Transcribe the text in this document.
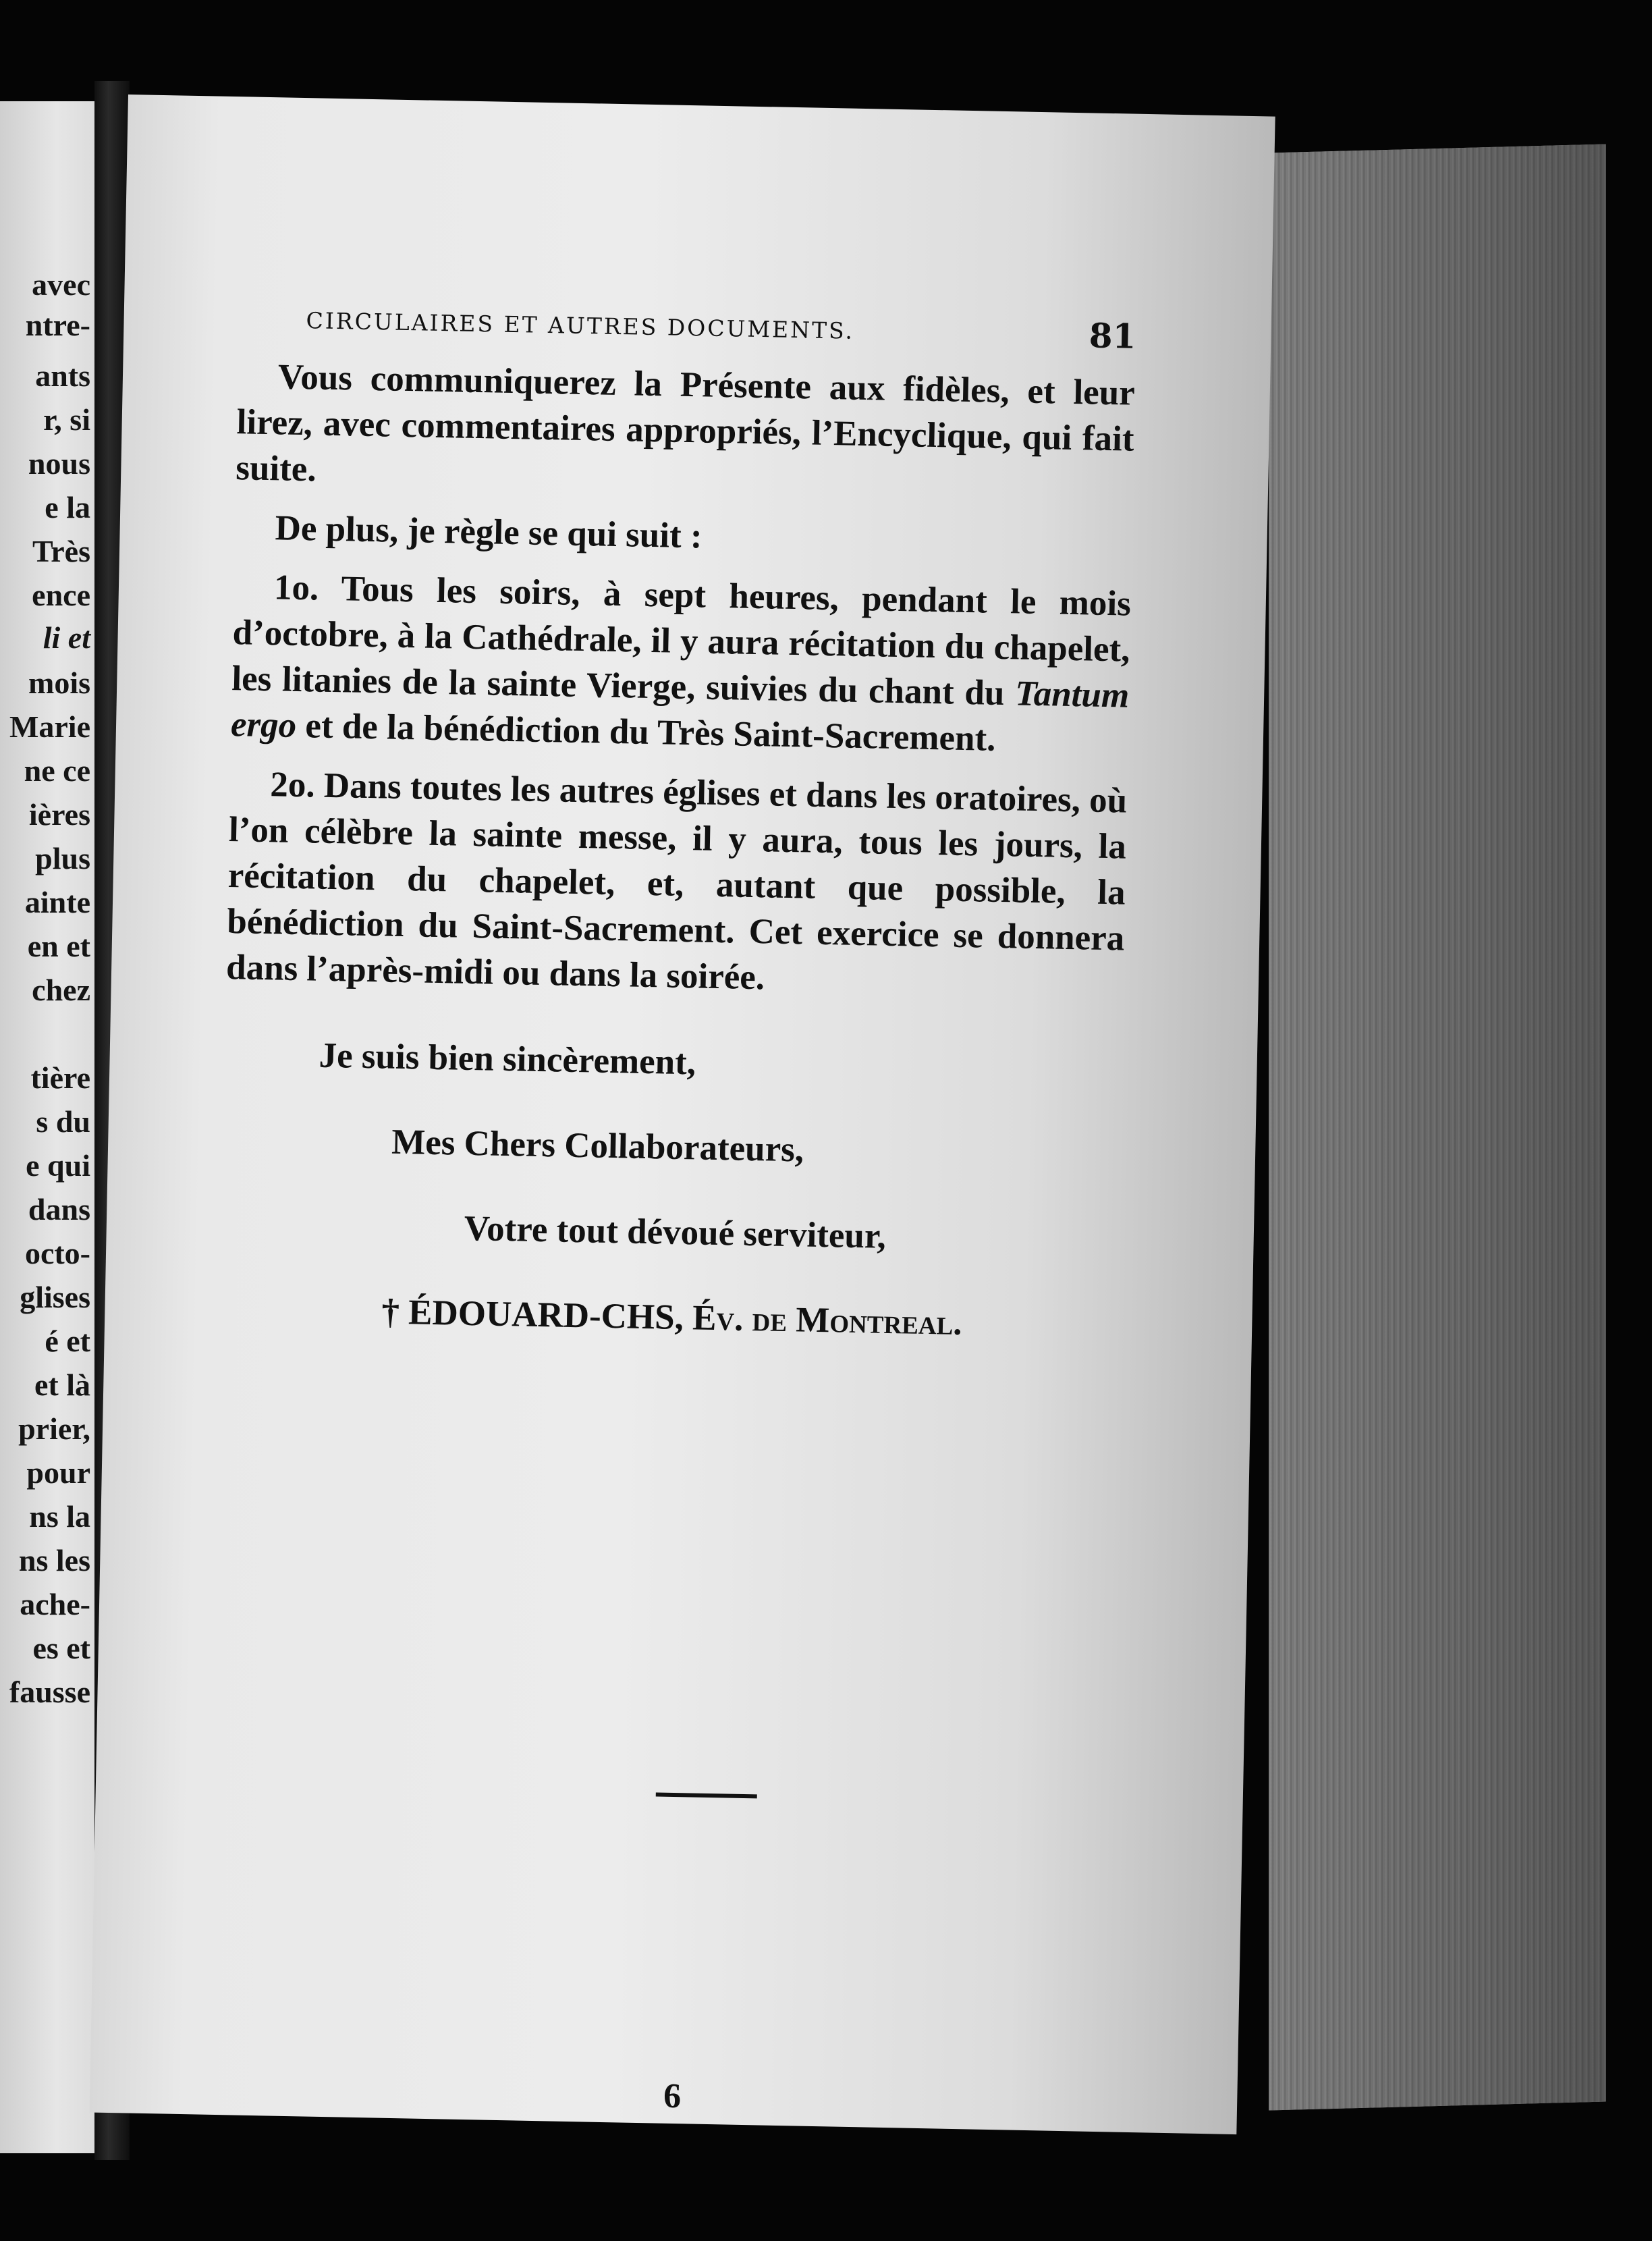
avec
ntre-
ants
r, si
nous
e la
Très
ence
li et
mois
Marie
ne ce
ières
plus
ainte
en et
chez
tière
s du
e qui
dans
octo-
glises
é et
et là
prier,
pour
ns la
ns les
ache-
es et
fausse
CIRCULAIRES ET AUTRES DOCUMENTS.	81

Vous communiquerez la Présente aux fidèles, et leur lirez, avec commentaires appropriés, l’Encyclique, qui fait suite.

De plus, je règle se qui suit :

1o. Tous les soirs, à sept heures, pendant le mois d’octobre, à la Cathédrale, il y aura récitation du chapelet, les litanies de la sainte Vierge, suivies du chant du Tantum ergo et de la bénédiction du Très Saint-Sacrement.

2o. Dans toutes les autres églises et dans les oratoires, où l’on célèbre la sainte messe, il y aura, tous les jours, la récitation du chapelet, et, autant que possible, la bénédiction du Saint-Sacrement. Cet exercice se donnera dans l’après-midi ou dans la soirée.

Je suis bien sincèrement,
Mes Chers Collaborateurs,
Votre tout dévoué serviteur,
† ÉDOUARD-CHS, Év. de Montreal.
6
